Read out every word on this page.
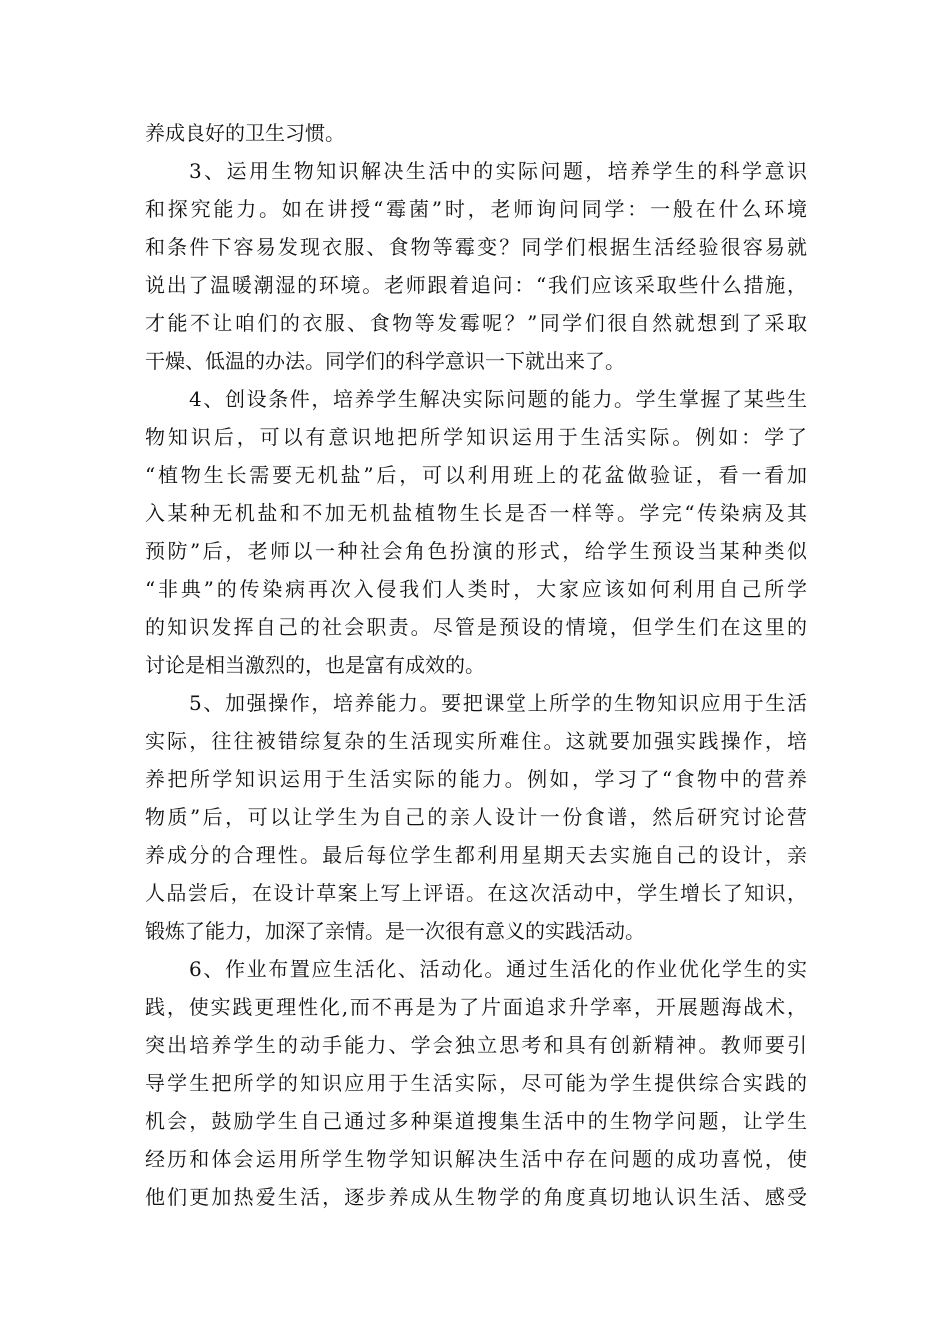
养成良好的卫生习惯。
3、运用生物知识解决生活中的实际问题，培养学生的科学意识
和探究能力。如在讲授“霉菌”时，老师询问同学：一般在什么环境
和条件下容易发现衣服、食物等霉变？同学们根据生活经验很容易就
说出了温暖潮湿的环境。老师跟着追问：“我们应该采取些什么措施，
才能不让咱们的衣服、食物等发霉呢？”同学们很自然就想到了采取
干燥、低温的办法。同学们的科学意识一下就出来了。
4、创设条件，培养学生解决实际问题的能力。学生掌握了某些生
物知识后，可以有意识地把所学知识运用于生活实际。例如：学了
“植物生长需要无机盐”后，可以利用班上的花盆做验证，看一看加
入某种无机盐和不加无机盐植物生长是否一样等。学完“传染病及其
预防”后，老师以一种社会角色扮演的形式，给学生预设当某种类似
“非典”的传染病再次入侵我们人类时，大家应该如何利用自己所学
的知识发挥自己的社会职责。尽管是预设的情境，但学生们在这里的
讨论是相当激烈的，也是富有成效的。
5、加强操作，培养能力。要把课堂上所学的生物知识应用于生活
实际，往往被错综复杂的生活现实所难住。这就要加强实践操作，培
养把所学知识运用于生活实际的能力。例如，学习了“食物中的营养
物质”后，可以让学生为自己的亲人设计一份食谱，然后研究讨论营
养成分的合理性。最后每位学生都利用星期天去实施自己的设计，亲
人品尝后，在设计草案上写上评语。在这次活动中，学生增长了知识，
锻炼了能力，加深了亲情。是一次很有意义的实践活动。
6、作业布置应生活化、活动化。通过生活化的作业优化学生的实
践，使实践更理性化,而不再是为了片面追求升学率，开展题海战术，
突出培养学生的动手能力、学会独立思考和具有创新精神。教师要引
导学生把所学的知识应用于生活实际，尽可能为学生提供综合实践的
机会，鼓励学生自己通过多种渠道搜集生活中的生物学问题，让学生
经历和体会运用所学生物学知识解决生活中存在问题的成功喜悦，使
他们更加热爱生活，逐步养成从生物学的角度真切地认识生活、感受
